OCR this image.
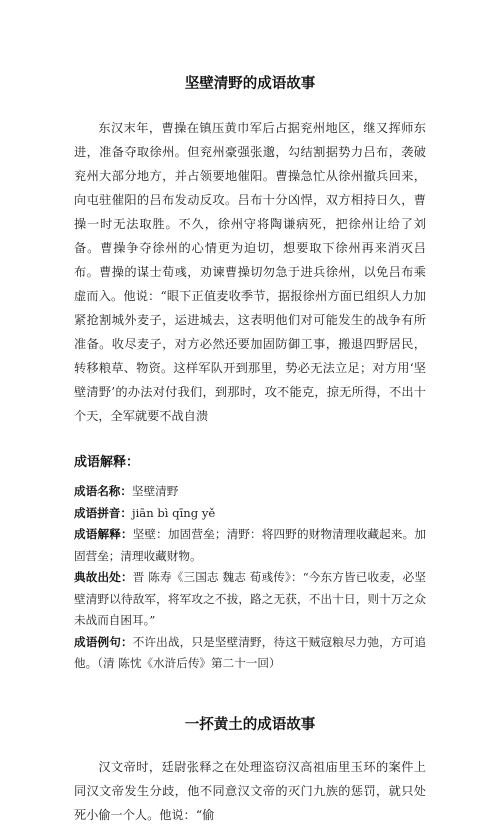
坚壁清野的成语故事

东汉末年，曹操在镇压黄巾军后占据兖州地区，继又挥师东进，准备夺取徐州。但兖州豪强张邈，勾结割据势力吕布，袭破兖州大部分地方，并占领要地催阳。曹操急忙从徐州撤兵回来，向屯驻催阳的吕布发动反攻。吕布十分凶悍，双方相持日久，曹操一时无法取胜。不久，徐州守将陶谦病死，把徐州让给了刘备。曹操争夺徐州的心情更为迫切，想要取下徐州再来消灭吕布。曹操的谋士荀彧，劝谏曹操切勿急于进兵徐州，以免吕布乘虚而入。他说：“眼下正值麦收季节，据报徐州方面已组织人力加紧抢割城外麦子，运进城去，这表明他们对可能发生的战争有所准备。收尽麦子，对方必然还要加固防御工事，搬退四野居民，转移粮草、物资。这样军队开到那里，势必无法立足；对方用‘坚壁清野’的办法对付我们，到那时，攻不能克，掠无所得，不出十个天，全军就要不战自溃

成语解释：

成语名称：坚壁清野

成语拼音：jiān bì qīng yě

成语解释：坚壁：加固营垒；清野：将四野的财物清理收藏起来。加固营垒；清理收藏财物。

典故出处：晋 陈寿《三国志 魏志 荀彧传》：“今东方皆已收麦，必坚壁清野以待敌军，将军攻之不拔，路之无获，不出十日，则十万之众未战而自困耳。”

成语例句：不许出战，只是坚壁清野，待这干贼寇粮尽力弛，方可追他。（清 陈忱《水浒后传》第二十一回）

一抔黄土的成语故事

汉文帝时，廷尉张释之在处理盗窃汉高祖庙里玉环的案件上同汉文帝发生分歧，他不同意汉文帝的灭门九族的惩罚，就只处死小偷一个人。他说：“偷
